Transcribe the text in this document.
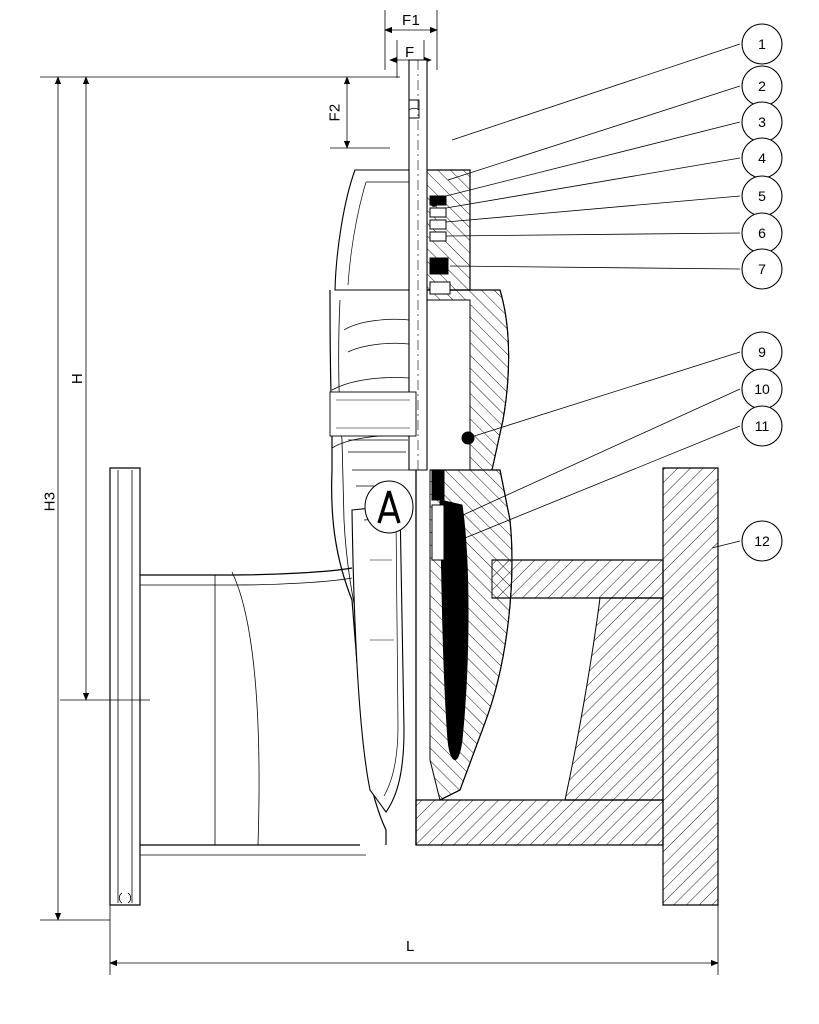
F1
F
F2
H
H3
L
1
2
3
4
5
6
7
9
10
11
12
